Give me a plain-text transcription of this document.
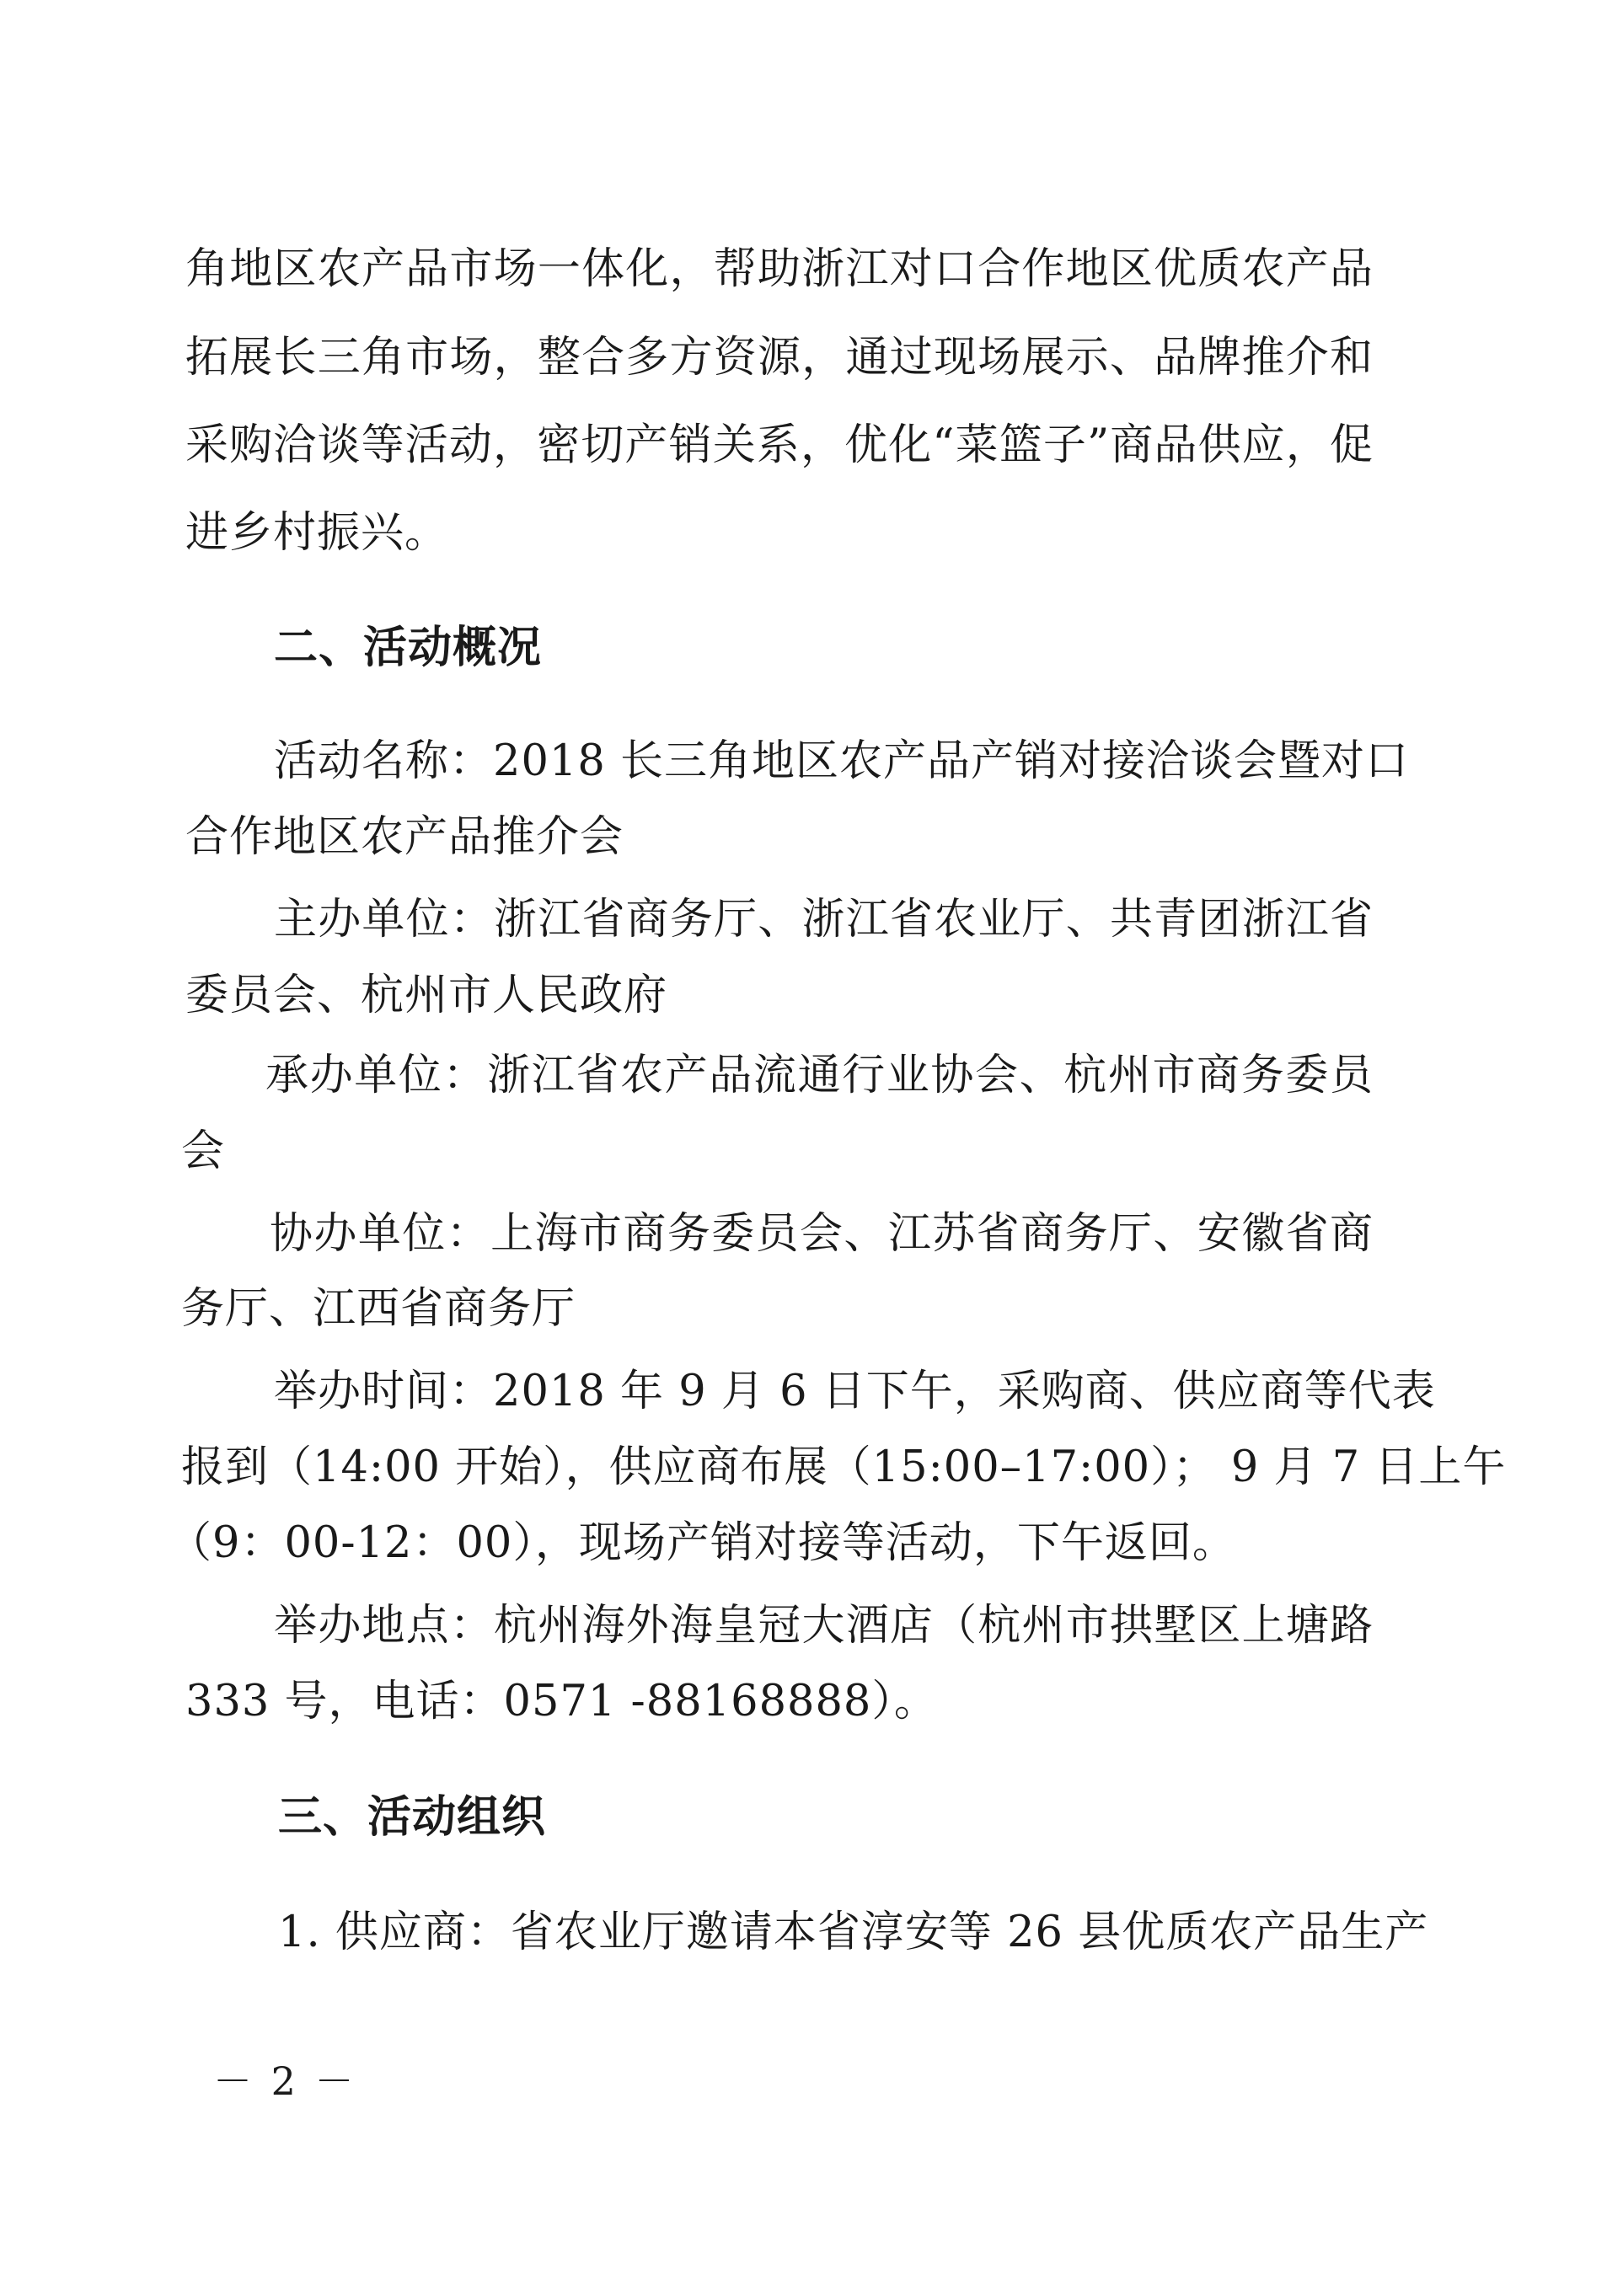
角地区农产品市场一体化，帮助浙江对口合作地区优质农产品
拓展长三角市场，整合多方资源，通过现场展示、品牌推介和
采购洽谈等活动，密切产销关系，优化“菜篮子”商品供应，促
进乡村振兴。
二、活动概况
活动名称：2018 长三角地区农产品产销对接洽谈会暨对口
合作地区农产品推介会
主办单位：浙江省商务厅、浙江省农业厅、共青团浙江省
委员会、杭州市人民政府
承办单位：浙江省农产品流通行业协会、杭州市商务委员
会
协办单位：上海市商务委员会、江苏省商务厅、安徽省商
务厅、江西省商务厅
举办时间：2018 年 9 月 6 日下午，采购商、供应商等代表
报到（14:00 开始），供应商布展（15:00–17:00）； 9 月 7 日上午
（9：00-12：00），现场产销对接等活动，下午返回。
举办地点：杭州海外海皇冠大酒店（杭州市拱墅区上塘路
333 号，电话：0571 -88168888）。
三、活动组织
1. 供应商：省农业厅邀请本省淳安等 26 县优质农产品生产
－ 2 －
